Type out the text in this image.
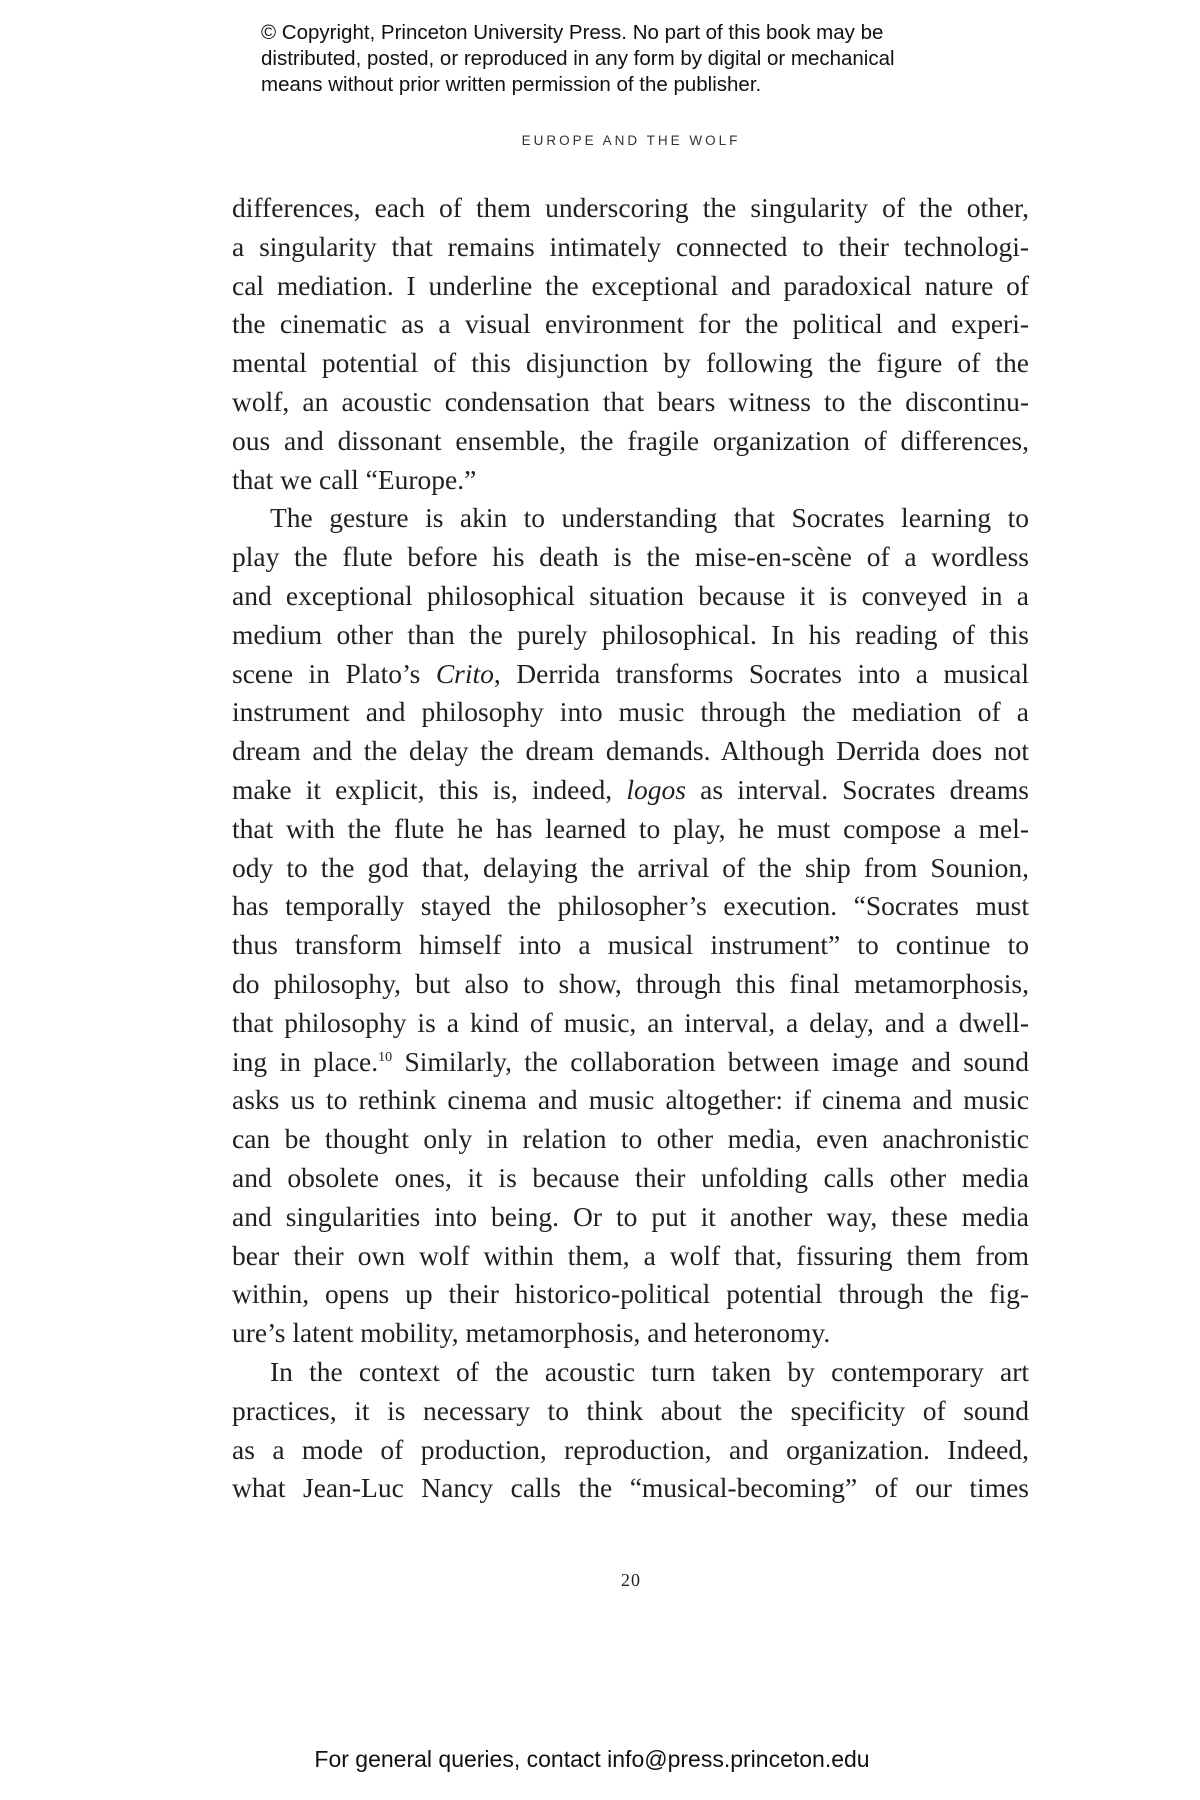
© Copyright, Princeton University Press. No part of this book may be
distributed, posted, or reproduced in any form by digital or mechanical
means without prior written permission of the publisher.
EUROPE AND THE WOLF
differences, each of them underscoring the singularity of the other,
a singularity that remains intimately connected to their technologi-
cal mediation. I underline the exceptional and paradoxical nature of
the cinematic as a visual environment for the political and experi-
mental potential of this disjunction by following the figure of the
wolf, an acoustic condensation that bears witness to the discontinu-
ous and dissonant ensemble, the fragile organization of differences,
that we call “Europe.”
The gesture is akin to understanding that Socrates learning to
play the flute before his death is the mise-en-scène of a wordless
and exceptional philosophical situation because it is conveyed in a
medium other than the purely philosophical. In his reading of this
scene in Plato’s Crito, Derrida transforms Socrates into a musical
instrument and philosophy into music through the mediation of a
dream and the delay the dream demands. Although Derrida does not
make it explicit, this is, indeed, logos as interval. Socrates dreams
that with the flute he has learned to play, he must compose a mel-
ody to the god that, delaying the arrival of the ship from Sounion,
has temporally stayed the philosopher’s execution. “Socrates must
thus transform himself into a musical instrument” to continue to
do philosophy, but also to show, through this final metamorphosis,
that philosophy is a kind of music, an interval, a delay, and a dwell-
ing in place.$^{10}$ Similarly, the collaboration between image and sound
asks us to rethink cinema and music altogether: if cinema and music
can be thought only in relation to other media, even anachronistic
and obsolete ones, it is because their unfolding calls other media
and singularities into being. Or to put it another way, these media
bear their own wolf within them, a wolf that, fissuring them from
within, opens up their historico-political potential through the fig-
ure’s latent mobility, metamorphosis, and heteronomy.
In the context of the acoustic turn taken by contemporary art
practices, it is necessary to think about the specificity of sound
as a mode of production, reproduction, and organization. Indeed,
what Jean-Luc Nancy calls the “musical-becoming” of our times
20
For general queries, contact info@press.princeton.edu
